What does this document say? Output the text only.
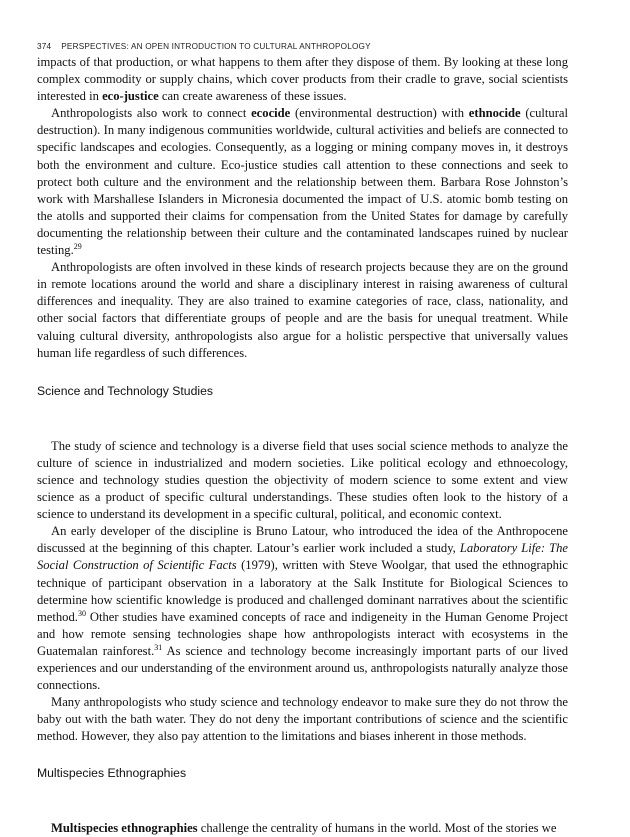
374 PERSPECTIVES: AN OPEN INTRODUCTION TO CULTURAL ANTHROPOLOGY

impacts of that production, or what happens to them after they dispose of them. By looking at these long complex commodity or supply chains, which cover products from their cradle to grave, social scientists interested in eco-justice can create awareness of these issues.

Anthropologists also work to connect ecocide (environmental destruction) with ethnocide (cultural destruction). In many indigenous communities worldwide, cultural activities and beliefs are connected to specific landscapes and ecologies. Consequently, as a logging or mining company moves in, it destroys both the environment and culture. Eco-justice studies call attention to these connections and seek to protect both culture and the environment and the relationship between them. Barbara Rose Johnston’s work with Marshallese Islanders in Micronesia documented the impact of U.S. atomic bomb testing on the atolls and supported their claims for compensation from the United States for damage by carefully documenting the relationship between their culture and the contaminated landscapes ruined by nuclear testing.$^{29}$

Anthropologists are often involved in these kinds of research projects because they are on the ground in remote locations around the world and share a disciplinary interest in raising awareness of cultural differences and inequality. They are also trained to examine categories of race, class, nationality, and other social factors that differentiate groups of people and are the basis for unequal treatment. While valuing cultural diversity, anthropologists also argue for a holistic perspective that universally values human life regardless of such differences.

Science and Technology Studies

The study of science and technology is a diverse field that uses social science methods to analyze the culture of science in industrialized and modern societies. Like political ecology and ethnoecology, science and technology studies question the objectivity of modern science to some extent and view science as a product of specific cultural understandings. These studies often look to the history of a science to understand its development in a specific cultural, political, and economic context.

An early developer of the discipline is Bruno Latour, who introduced the idea of the Anthropocene discussed at the beginning of this chapter. Latour’s earlier work included a study, Laboratory Life: The Social Construction of Scientific Facts (1979), written with Steve Woolgar, that used the ethnographic technique of participant observation in a laboratory at the Salk Institute for Biological Sciences to determine how scientific knowledge is produced and challenged dominant narratives about the scientific method.$^{30}$ Other studies have examined concepts of race and indigeneity in the Human Genome Project and how remote sensing technologies shape how anthropologists interact with ecosystems in the Guatemalan rainforest.$^{31}$ As science and technology become increasingly important parts of our lived experiences and our understanding of the environment around us, anthropologists naturally analyze those connections.

Many anthropologists who study science and technology endeavor to make sure they do not throw the baby out with the bath water. They do not deny the important contributions of science and the scientific method. However, they also pay attention to the limitations and biases inherent in those methods.

Multispecies Ethnographies

Multispecies ethnographies challenge the centrality of humans in the world. Most of the stories we
